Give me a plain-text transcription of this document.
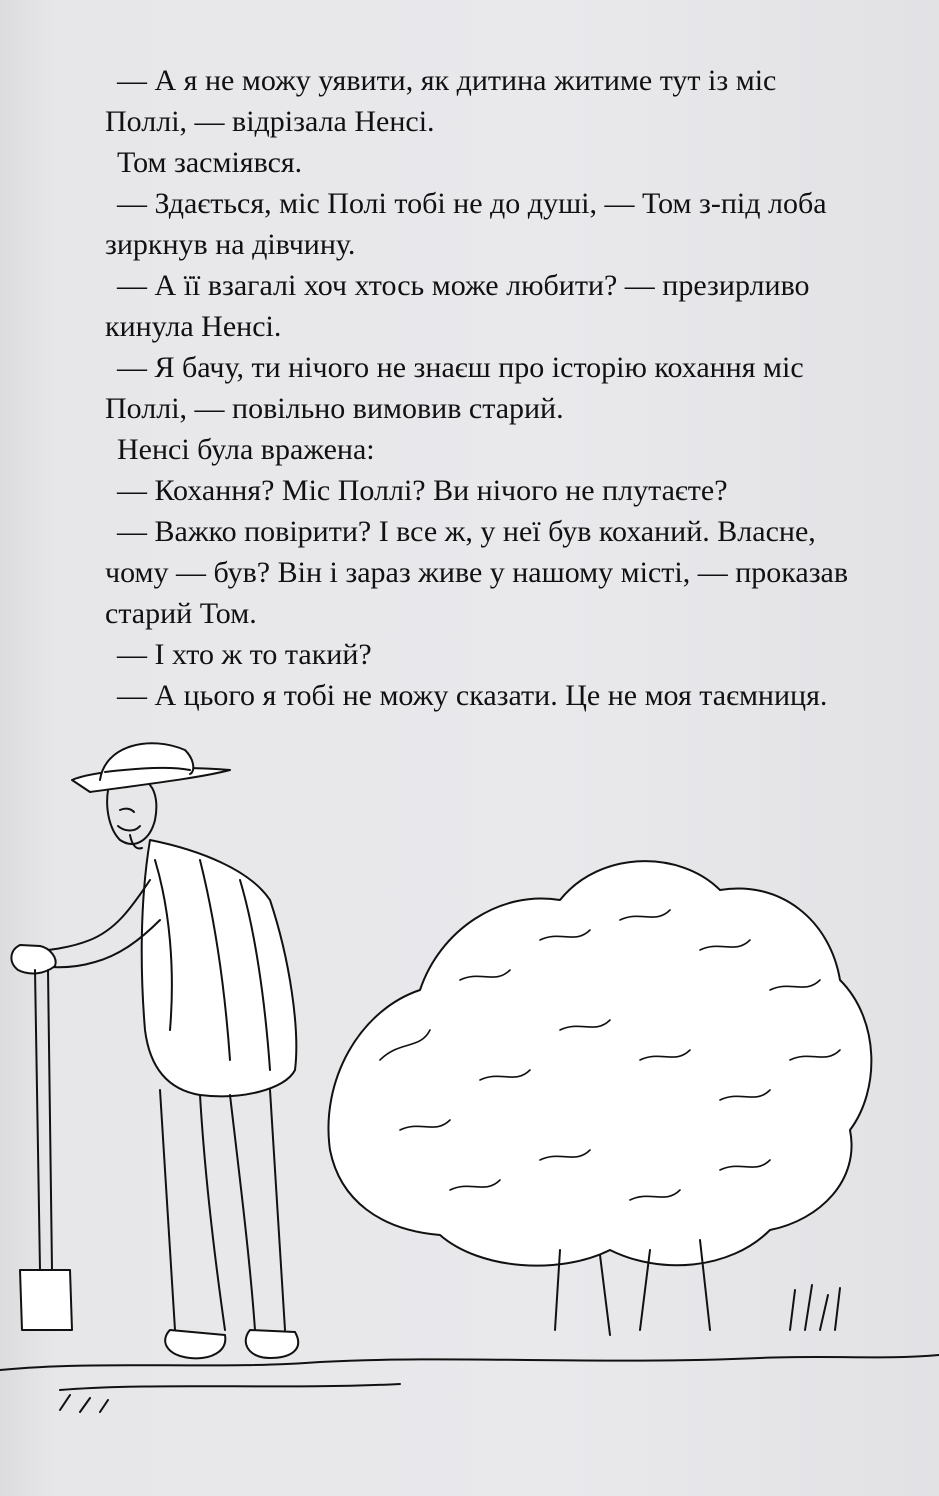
— А я не можу уявити, як дитина житиме тут із міс
Поллі, — відрізала Ненсі.
Том засміявся.
— Здається, міс Полі тобі не до душі, — Том з-під лоба
зиркнув на дівчину.
— А її взагалі хоч хтось може любити? — презирливо
кинула Ненсі.
— Я бачу, ти нічого не знаєш про історію кохання міс
Поллі, — повільно вимовив старий.
Ненсі була вражена:
— Кохання? Міс Поллі? Ви нічого не плутаєте?
— Важко повірити? І все ж, у неї був коханий. Власне,
чому — був? Він і зараз живе у нашому місті, — проказав
старий Том.
— І хто ж то такий?
— А цього я тобі не можу сказати. Це не моя таємниця.
